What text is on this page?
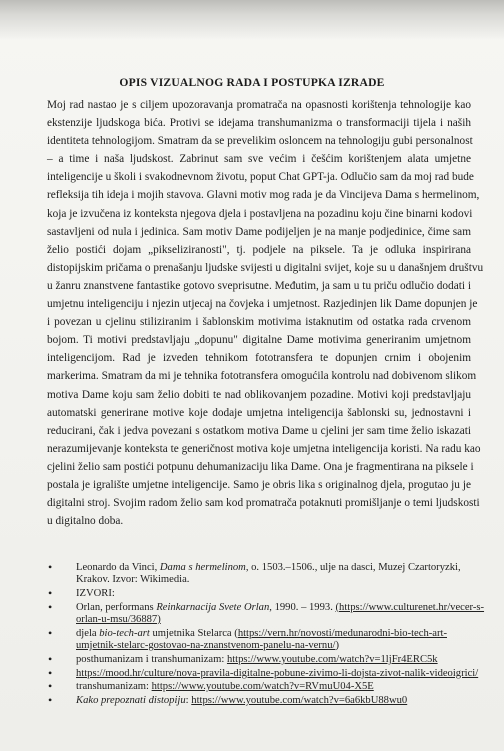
OPIS VIZUALNOG RADA I POSTUPKA IZRADE
Moj rad nastao je s ciljem upozoravanja promatrača na opasnosti korištenja tehnologije kao
ekstenzije ljudskoga bića. Protivi se idejama transhumanizma o transformaciji tijela i naših
identiteta tehnologijom. Smatram da se prevelikim osloncem na tehnologiju gubi personalnost
– a time i naša ljudskost. Zabrinut sam sve većim i češćim korištenjem alata umjetne
inteligencije u školi i svakodnevnom životu, poput Chat GPT-ja. Odlučio sam da moj rad bude
refleksija tih ideja i mojih stavova. Glavni motiv mog rada je da Vincijeva Dama s hermelinom,
koja je izvučena iz konteksta njegova djela i postavljena na pozadinu koju čine binarni kodovi
sastavljeni od nula i jedinica. Sam motiv Dame podijeljen je na manje podjedinice, čime sam
želio postići dojam „pikseliziranosti", tj. podjele na piksele. Ta je odluka inspirirana
distopijskim pričama o prenašanju ljudske svijesti u digitalni svijet, koje su u današnjem društvu
u žanru znanstvene fantastike gotovo sveprisutne. Međutim, ja sam u tu priču odlučio dodati i
umjetnu inteligenciju i njezin utjecaj na čovjeka i umjetnost. Razjedinjen lik Dame dopunjen je
i povezan u cjelinu stiliziranim i šablonskim motivima istaknutim od ostatka rada crvenom
bojom. Ti motivi predstavljaju „dopunu" digitalne Dame motivima generiranim umjetnom
inteligencijom. Rad je izveden tehnikom fototransfera te dopunjen crnim i obojenim
markerima. Smatram da mi je tehnika fototransfera omogućila kontrolu nad dobivenom slikom
motiva Dame koju sam želio dobiti te nad oblikovanjem pozadine. Motivi koji predstavljaju
automatski generirane motive koje dodaje umjetna inteligencija šablonski su, jednostavni i
reducirani, čak i jedva povezani s ostatkom motiva Dame u cjelini jer sam time želio iskazati
nerazumijevanje konteksta te generičnost motiva koje umjetna inteligencija koristi. Na radu kao
cjelini želio sam postići potpunu dehumanizaciju lika Dame. Ona je fragmentirana na piksele i
postala je igralište umjetne inteligencije. Samo je obris lika s originalnog djela, progutao ju je
digitalni stroj. Svojim radom želio sam kod promatrača potaknuti promišljanje o temi ljudskosti
u digitalno doba.
• Leonardo da Vinci, Dama s hermelinom, o. 1503.–1506., ulje na dasci, Muzej Czartoryzki, Krakov. Izvor: Wikimedia.
• IZVORI:
• Orlan, performans Reinkarnacija Svete Orlan, 1990. – 1993. (https://www.culturenet.hr/vecer-s-orlan-u-msu/36887)
• djela bio-tech-art umjetnika Stelarca (https://vern.hr/novosti/medunarodni-bio-tech-art-umjetnik-stelarc-gostovao-na-znanstvenom-panelu-na-vernu/)
• posthumanizam i transhumanizam: https://www.youtube.com/watch?v=1ljFr4ERC5k
• https://mood.hr/culture/nova-pravila-digitalne-pobune-zivimo-li-dojsta-zivot-nalik-videoigrici/
• transhumanizam: https://www.youtube.com/watch?v=RVmuU04-X5E
• Kako prepoznati distopiju: https://www.youtube.com/watch?v=6a6kbU88wu0
